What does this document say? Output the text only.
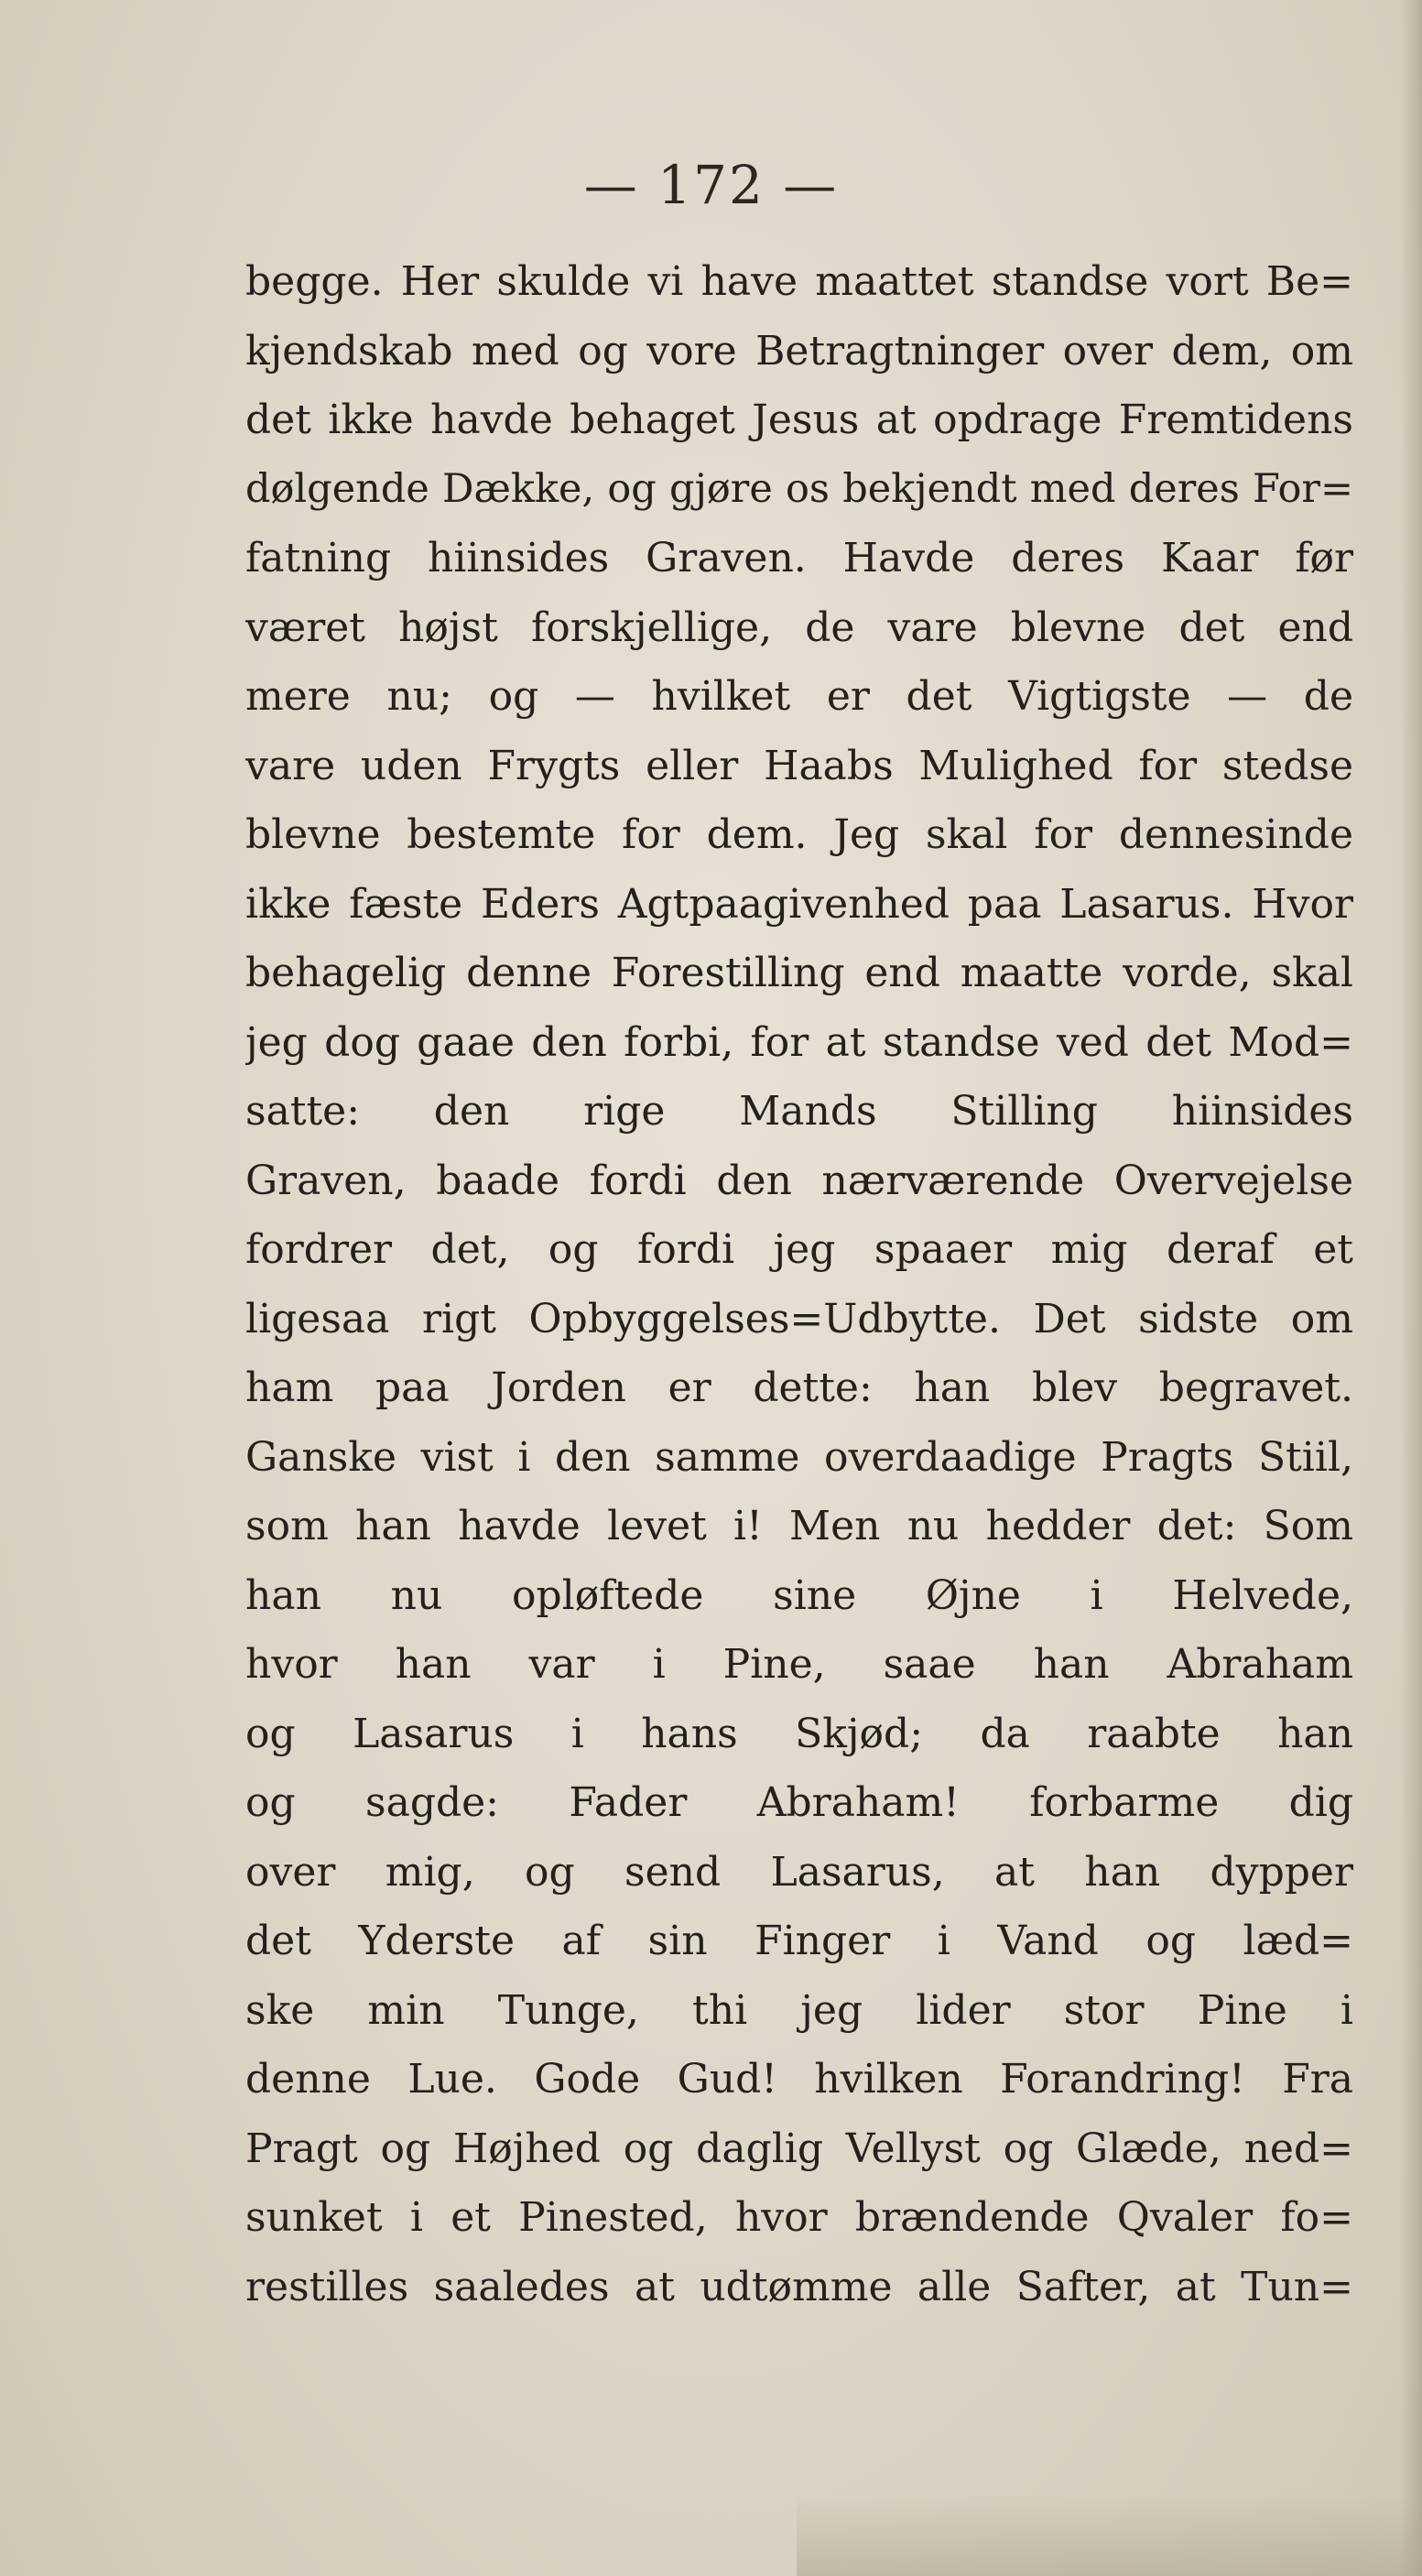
— 172 —
begge. Her skulde vi have maattet standse vort Be=
kjendskab med og vore Betragtninger over dem, om
det ikke havde behaget Jesus at opdrage Fremtidens
dølgende Dække, og gjøre os bekjendt med deres For=
fatning hiinsides Graven. Havde deres Kaar før
været højst forskjellige, de vare blevne det end
mere nu; og — hvilket er det Vigtigste — de
vare uden Frygts eller Haabs Mulighed for stedse
blevne bestemte for dem. Jeg skal for dennesinde
ikke fæste Eders Agtpaagivenhed paa Lasarus. Hvor
behagelig denne Forestilling end maatte vorde, skal
jeg dog gaae den forbi, for at standse ved det Mod=
satte: den rige Mands Stilling hiinsides
Graven, baade fordi den nærværende Overvejelse
fordrer det, og fordi jeg spaaer mig deraf et
ligesaa rigt Opbyggelses=Udbytte. Det sidste om
ham paa Jorden er dette: han blev begravet.
Ganske vist i den samme overdaadige Pragts Stiil,
som han havde levet i! Men nu hedder det: Som
han nu opløftede sine Øjne i Helvede,
hvor han var i Pine, saae han Abraham
og Lasarus i hans Skjød; da raabte han
og sagde: Fader Abraham! forbarme dig
over mig, og send Lasarus, at han dypper
det Yderste af sin Finger i Vand og læd=
ske min Tunge, thi jeg lider stor Pine i
denne Lue. Gode Gud! hvilken Forandring! Fra
Pragt og Højhed og daglig Vellyst og Glæde, ned=
sunket i et Pinested, hvor brændende Qvaler fo=
restilles saaledes at udtømme alle Safter, at Tun=
